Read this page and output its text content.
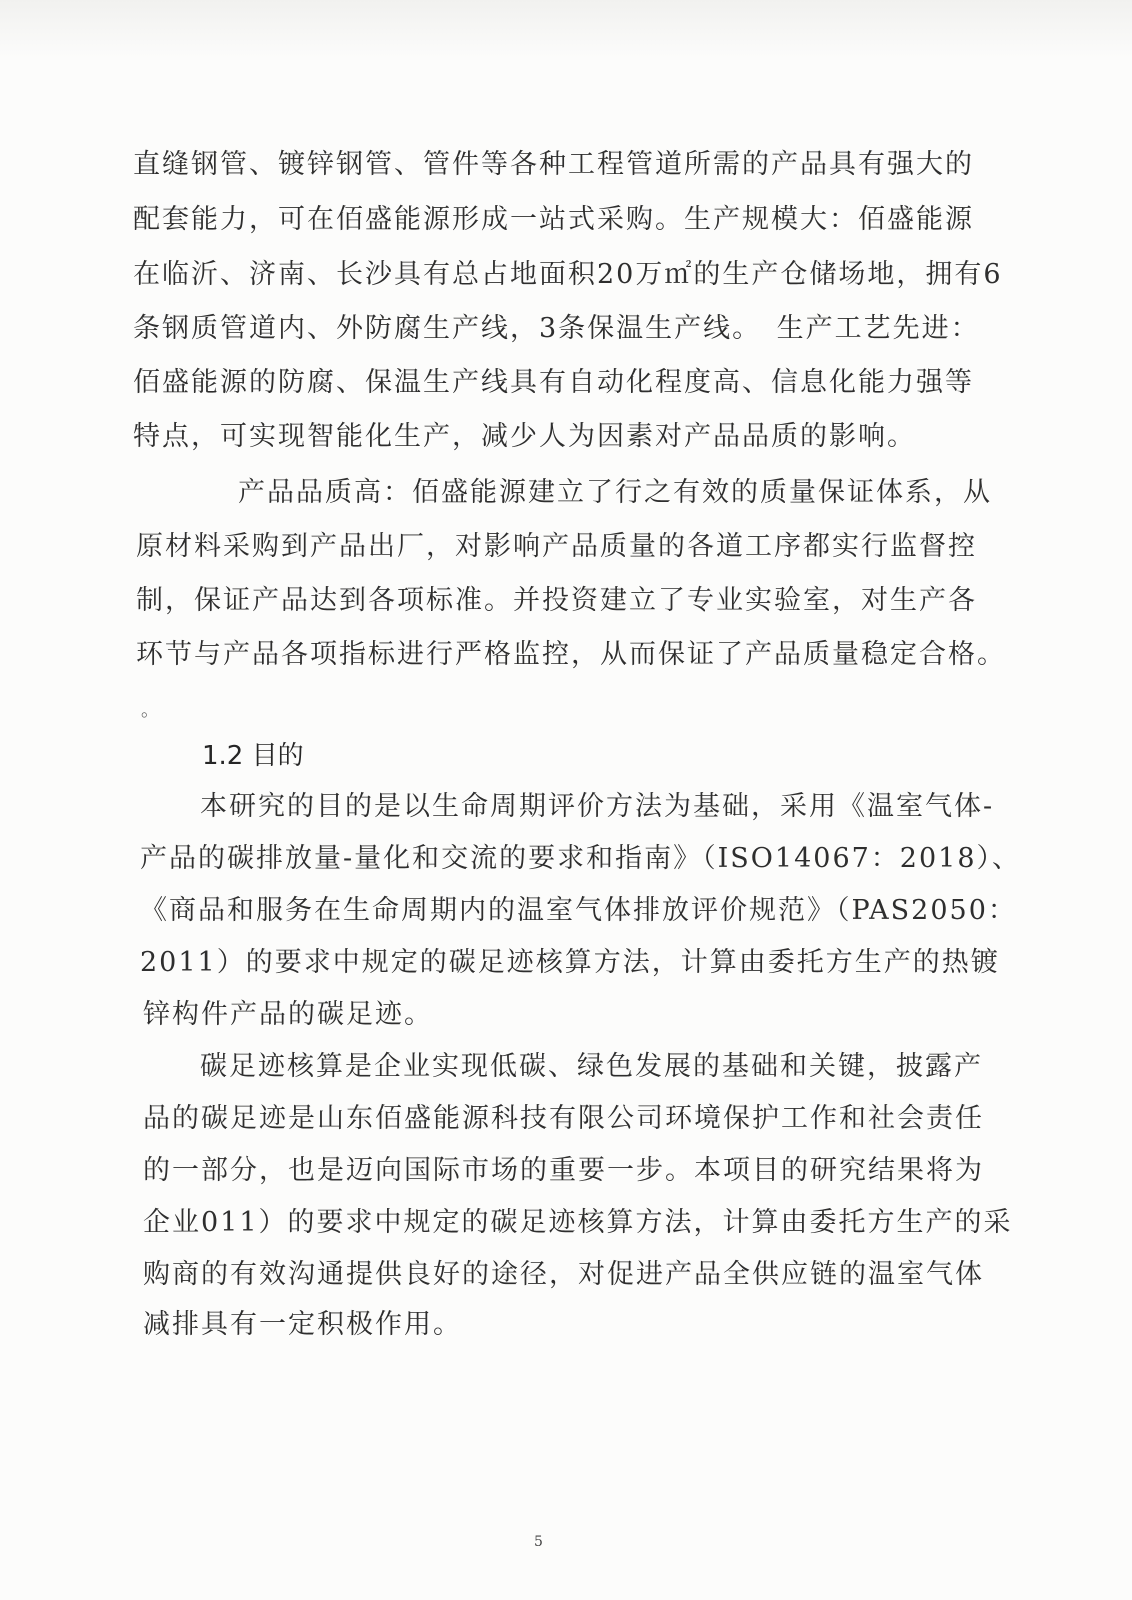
直缝钢管、镀锌钢管、管件等各种工程管道所需的产品具有强大的
配套能力，可在佰盛能源形成一站式采购。生产规模大：佰盛能源
在临沂、济南、长沙具有总占地面积20万㎡的生产仓储场地，拥有6
条钢质管道内、外防腐生产线，3条保温生产线。　生产工艺先进：
佰盛能源的防腐、保温生产线具有自动化程度高、信息化能力强等
特点，可实现智能化生产，减少人为因素对产品品质的影响。
产品品质高：佰盛能源建立了行之有效的质量保证体系，从
原材料采购到产品出厂，对影响产品质量的各道工序都实行监督控
制，保证产品达到各项标准。并投资建立了专业实验室，对生产各
环节与产品各项指标进行严格监控，从而保证了产品质量稳定合格。
。
1.2 目的
本研究的目的是以生命周期评价方法为基础，采用《温室气体-
产品的碳排放量-量化和交流的要求和指南》（ISO14067：2018）、
《商品和服务在生命周期内的温室气体排放评价规范》（PAS2050：
2011）的要求中规定的碳足迹核算方法，计算由委托方生产的热镀
锌构件产品的碳足迹。
碳足迹核算是企业实现低碳、绿色发展的基础和关键，披露产
品的碳足迹是山东佰盛能源科技有限公司环境保护工作和社会责任
的一部分，也是迈向国际市场的重要一步。本项目的研究结果将为
企业011）的要求中规定的碳足迹核算方法，计算由委托方生产的采
购商的有效沟通提供良好的途径，对促进产品全供应链的温室气体
减排具有一定积极作用。
5
